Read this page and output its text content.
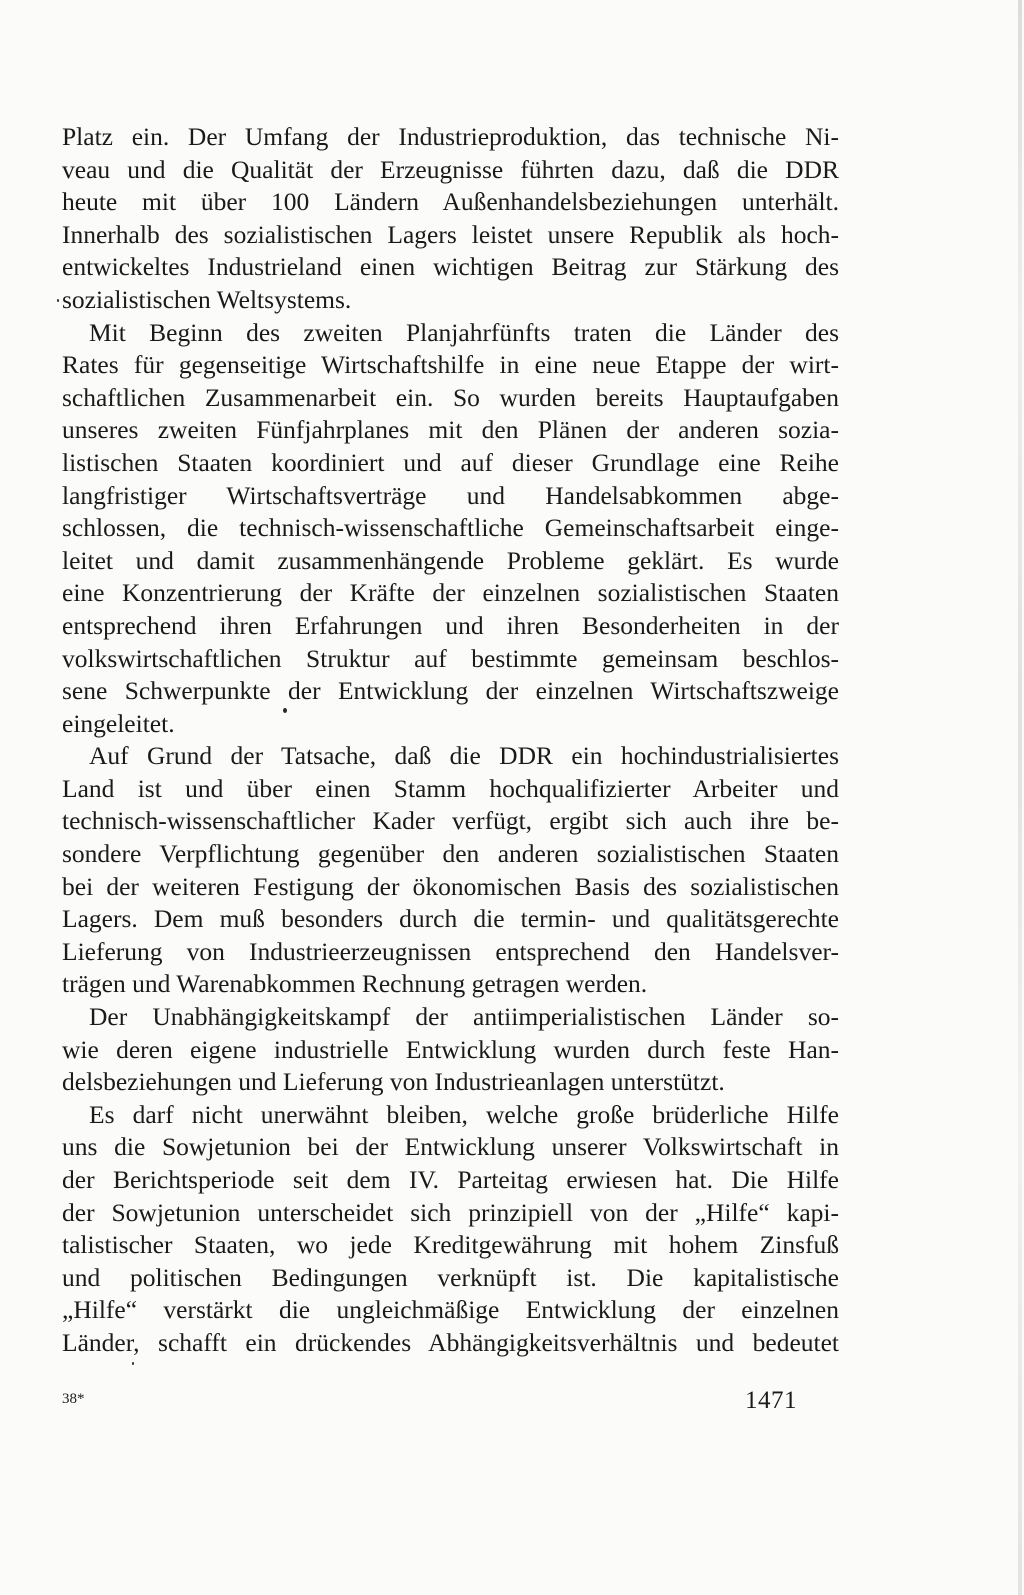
Platz ein. Der Umfang der Industrieproduktion, das technische Ni-
veau und die Qualität der Erzeugnisse führten dazu, daß die DDR
heute mit über 100 Ländern Außenhandelsbeziehungen unterhält.
Innerhalb des sozialistischen Lagers leistet unsere Republik als hoch-
entwickeltes Industrieland einen wichtigen Beitrag zur Stärkung des
sozialistischen Weltsystems.
Mit Beginn des zweiten Planjahrfünfts traten die Länder des
Rates für gegenseitige Wirtschaftshilfe in eine neue Etappe der wirt-
schaftlichen Zusammenarbeit ein. So wurden bereits Hauptaufgaben
unseres zweiten Fünfjahrplanes mit den Plänen der anderen sozia-
listischen Staaten koordiniert und auf dieser Grundlage eine Reihe
langfristiger Wirtschaftsverträge und Handelsabkommen abge-
schlossen, die technisch-wissenschaftliche Gemeinschaftsarbeit einge-
leitet und damit zusammenhängende Probleme geklärt. Es wurde
eine Konzentrierung der Kräfte der einzelnen sozialistischen Staaten
entsprechend ihren Erfahrungen und ihren Besonderheiten in der
volkswirtschaftlichen Struktur auf bestimmte gemeinsam beschlos-
sene Schwerpunkte der Entwicklung der einzelnen Wirtschaftszweige
eingeleitet.
Auf Grund der Tatsache, daß die DDR ein hochindustrialisiertes
Land ist und über einen Stamm hochqualifizierter Arbeiter und
technisch-wissenschaftlicher Kader verfügt, ergibt sich auch ihre be-
sondere Verpflichtung gegenüber den anderen sozialistischen Staaten
bei der weiteren Festigung der ökonomischen Basis des sozialistischen
Lagers. Dem muß besonders durch die termin- und qualitätsgerechte
Lieferung von Industrieerzeugnissen entsprechend den Handelsver-
trägen und Warenabkommen Rechnung getragen werden.
Der Unabhängigkeitskampf der antiimperialistischen Länder so-
wie deren eigene industrielle Entwicklung wurden durch feste Han-
delsbeziehungen und Lieferung von Industrieanlagen unterstützt.
Es darf nicht unerwähnt bleiben, welche große brüderliche Hilfe
uns die Sowjetunion bei der Entwicklung unserer Volkswirtschaft in
der Berichtsperiode seit dem IV. Parteitag erwiesen hat. Die Hilfe
der Sowjetunion unterscheidet sich prinzipiell von der „Hilfe“ kapi-
talistischer Staaten, wo jede Kreditgewährung mit hohem Zinsfuß
und politischen Bedingungen verknüpft ist. Die kapitalistische
„Hilfe“ verstärkt die ungleichmäßige Entwicklung der einzelnen
Länder, schafft ein drückendes Abhängigkeitsverhältnis und bedeutet
38*	1471
